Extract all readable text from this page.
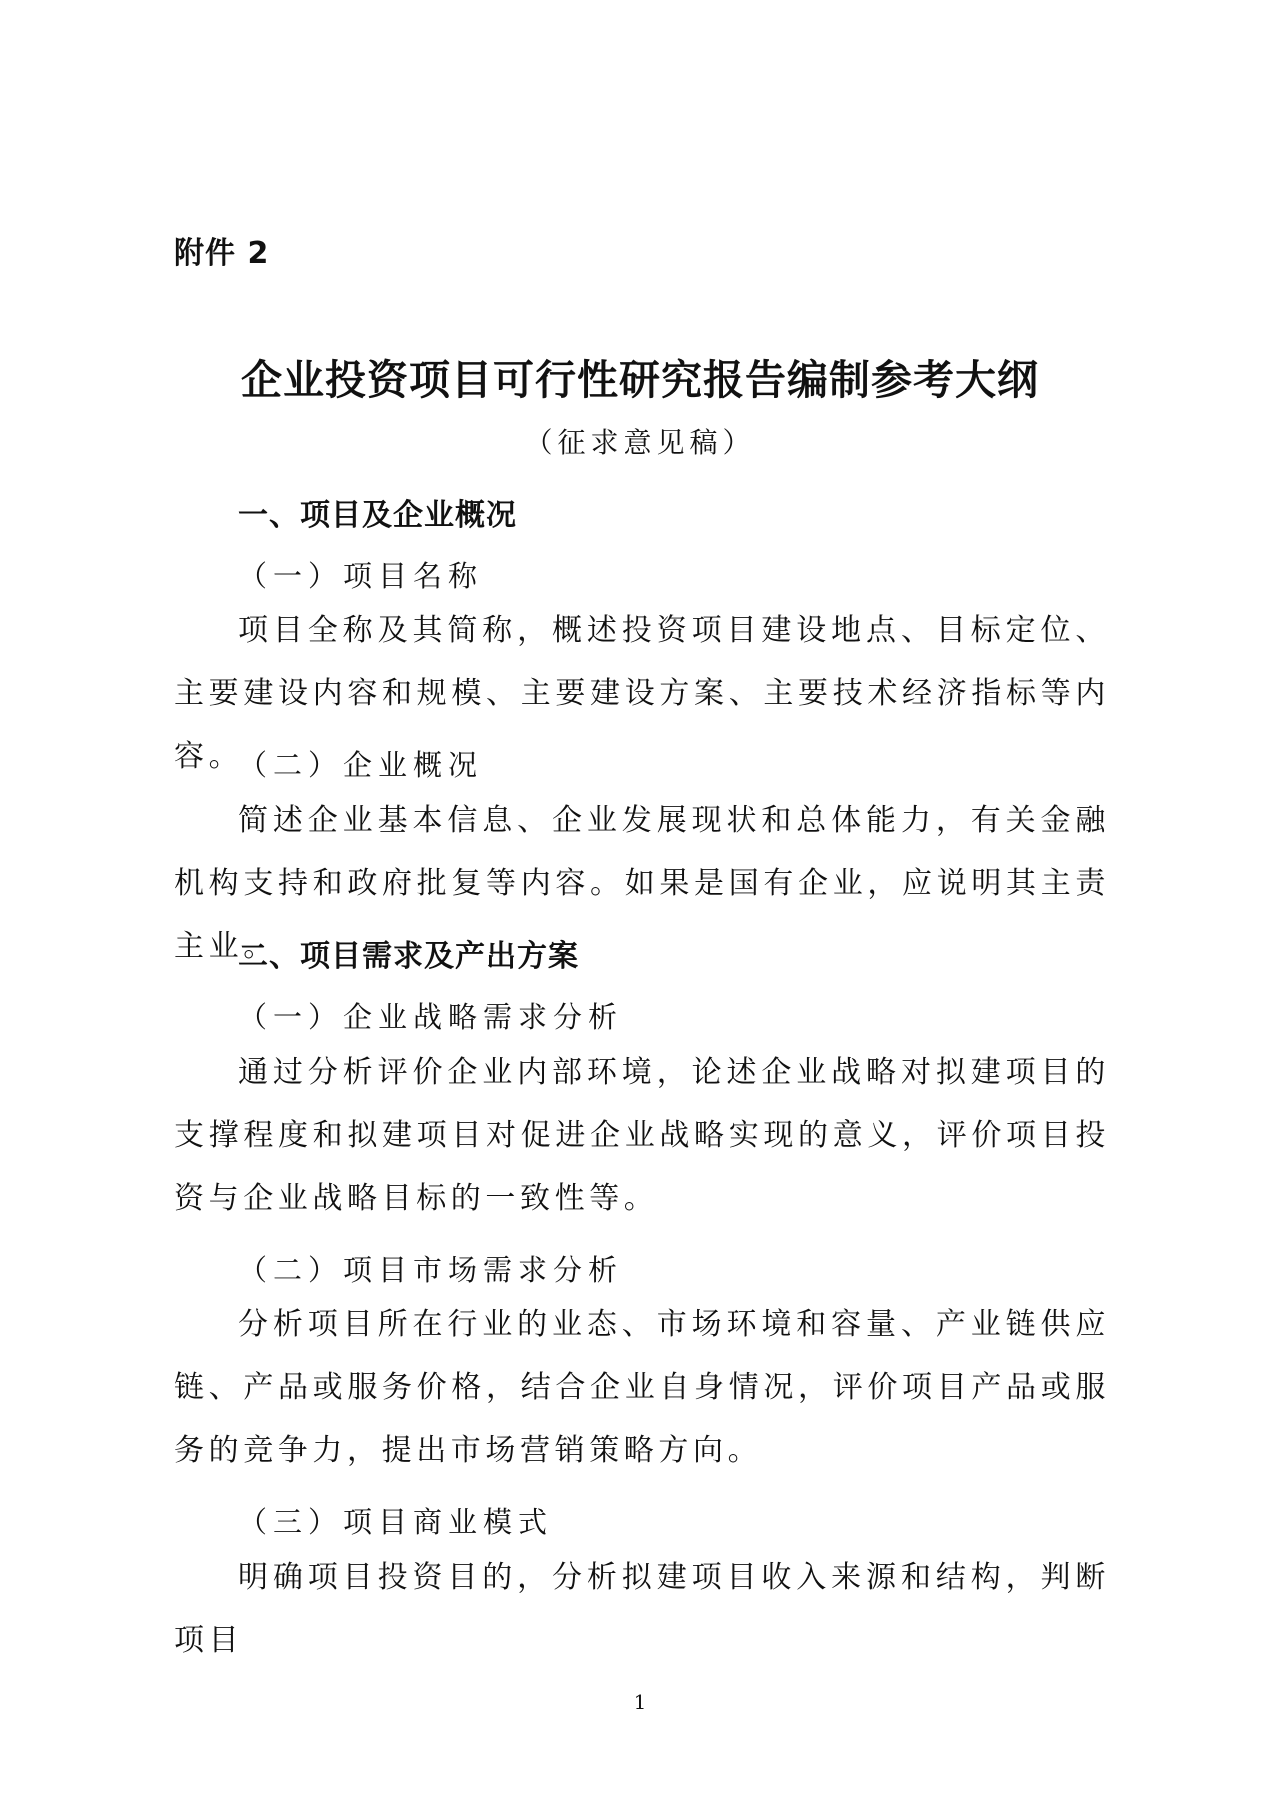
附件 2
企业投资项目可行性研究报告编制参考大纲
（征求意见稿）
一、项目及企业概况
（一）项目名称

项目全称及其简称，概述投资项目建设地点、目标定位、主要建设内容和规模、主要建设方案、主要技术经济指标等内容。

（二）企业概况

简述企业基本信息、企业发展现状和总体能力，有关金融机构支持和政府批复等内容。如果是国有企业，应说明其主责主业。

二、项目需求及产出方案
（一）企业战略需求分析

通过分析评价企业内部环境，论述企业战略对拟建项目的支撑程度和拟建项目对促进企业战略实现的意义，评价项目投资与企业战略目标的一致性等。

（二）项目市场需求分析

分析项目所在行业的业态、市场环境和容量、产业链供应链、产品或服务价格，结合企业自身情况，评价项目产品或服务的竞争力，提出市场营销策略方向。

（三）项目商业模式

明确项目投资目的，分析拟建项目收入来源和结构，判断项目

1
